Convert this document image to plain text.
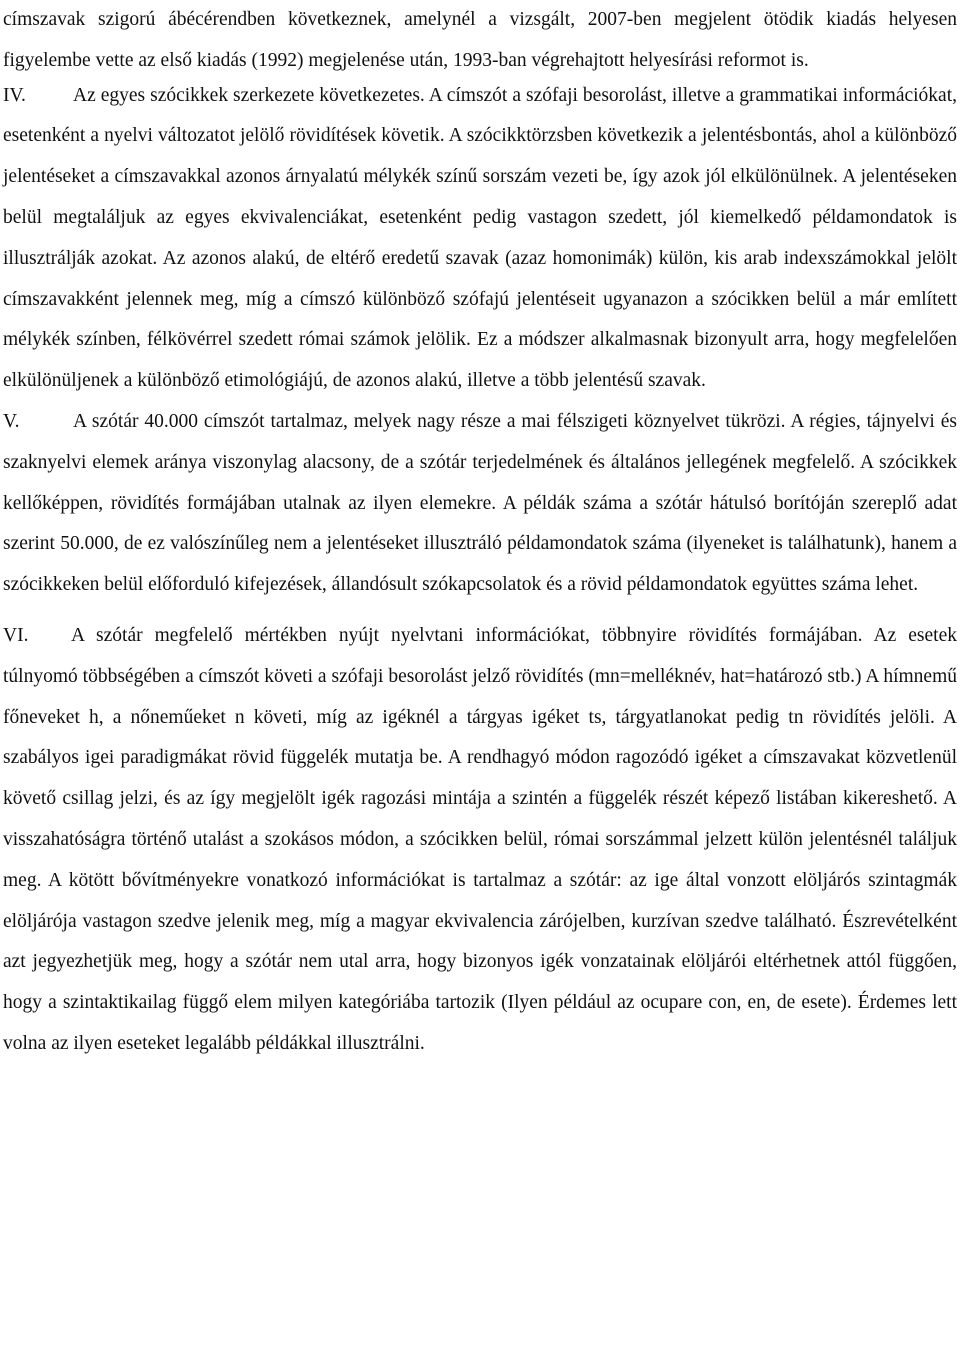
címszavak szigorú ábécérendben következnek, amelynél a vizsgált, 2007-ben megjelent ötödik kiadás helyesen figyelembe vette az első kiadás (1992) megjelenése után, 1993-ban végrehajtott helyesírási reformot is.

IV. Az egyes szócikkek szerkezete következetes. A címszót a szófaji besorolást, illetve a grammatikai információkat, esetenként a nyelvi változatot jelölő rövidítések követik. A szócikktörzsben következik a jelentésbontás, ahol a különböző jelentéseket a címszavakkal azonos árnyalatú mélykék színű sorszám vezeti be, így azok jól elkülönülnek. A jelentéseken belül megtaláljuk az egyes ekvivalenciákat, esetenként pedig vastagon szedett, jól kiemelkedő példamondatok is illusztrálják azokat. Az azonos alakú, de eltérő eredetű szavak (azaz homonimák) külön, kis arab indexszámokkal jelölt címszavakként jelennek meg, míg a címszó különböző szófajú jelentéseit ugyanazon a szócikken belül a már említett mélykék színben, félkövérrel szedett római számok jelölik. Ez a módszer alkalmasnak bizonyult arra, hogy megfelelően elkülönüljenek a különböző etimológiájú, de azonos alakú, illetve a több jelentésű szavak.

V.	A szótár 40.000 címszót tartalmaz, melyek nagy része a mai félszigeti köznyelvet tükrözi. A régies, tájnyelvi és szaknyelvi elemek aránya viszonylag alacsony, de a szótár terjedelmének és általános jellegének megfelelő. A szócikkek kellőképpen, rövidítés formájában utalnak az ilyen elemekre. A példák száma a szótár hátulsó borítóján szereplő adat szerint 50.000, de ez valószínűleg nem a jelentéseket illusztráló példamondatok száma (ilyeneket is találhatunk), hanem a szócikkeken belül előforduló kifejezések, állandósult szókapcsolatok és a rövid példamondatok együttes száma lehet.

VI. A szótár megfelelő mértékben nyújt nyelvtani információkat, többnyire rövidítés formájában. Az esetek túlnyomó többségében a címszót követi a szófaji besorolást jelző rövidítés (mn=melléknév, hat=határozó stb.) A hímnemű főneveket h, a nőneműeket n követi, míg az igéknél a tárgyas igéket ts, tárgyatlanokat pedig tn rövidítés jelöli. A szabályos igei paradigmákat rövid függelék mutatja be. A rendhagyó módon ragozódó igéket a címszavakat közvetlenül követő csillag jelzi, és az így megjelölt igék ragozási mintája a szintén a függelék részét képező listában kikereshető. A visszahatóságra történő utalást a szokásos módon, a szócikken belül, római sorszámmal jelzett külön jelentésnél találjuk meg. A kötött bővítményekre vonatkozó információkat is tartalmaz a szótár: az ige által vonzott elöljárós szintagmák elöljárója vastagon szedve jelenik meg, míg a magyar ekvivalencia zárójelben, kurzívan szedve található. Észrevételként azt jegyezhetjük meg, hogy a szótár nem utal arra, hogy bizonyos igék vonzatainak elöljárói eltérhetnek attól függően, hogy a szintaktikailag függő elem milyen kategóriába tartozik (Ilyen például az ocupare con, en, de esete). Érdemes lett volna az ilyen eseteket legalább példákkal illusztrálni.
